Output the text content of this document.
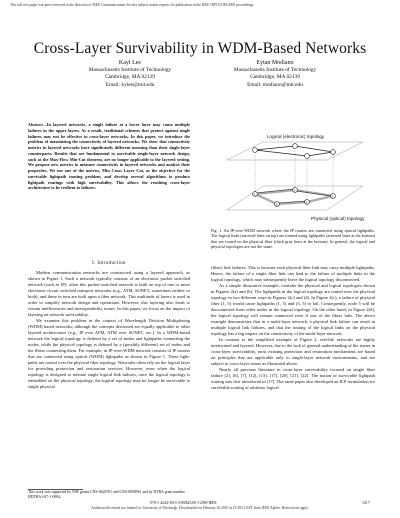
This full text paper was peer reviewed at the direction of IEEE Communications Society subject matter experts for publication in the IEEE INFOCOM 2009 proceedings.
Cross-Layer Survivability in WDM-Based Networks
Kayi Lee
Massachusetts Institute of Technology
Cambridge, MA 02139
Email: kylee@mit.edu
Eytan Modiano
Massachusetts Institute of Technology
Cambridge, MA 02139
Email: modiano@mit.edu
Abstract—In layered networks, a single failure at a lower layer may cause multiple failures in the upper layers. As a result, traditional schemes that protect against single failures may not be effective in cross-layer networks. In this paper, we introduce the problem of maximizing the connectivity of layered networks. We show that connectivity metrics in layered networks have significantly different meaning than their single-layer counterparts. Results that are fundamental to survivable single-layer network design, such as the Max-Flow Min-Cut theorem, are no longer applicable to the layered setting. We propose new metrics to measure connectivity in layered networks and analyze their properties. We use one of the metrics, Min Cross Layer Cut, as the objective for the survivable lightpath routing problem, and develop several algorithms to produce lightpath routings with high survivability. This allows the resulting cross-layer architecture to be resilient to failures.
I. Introduction

Modern communication networks are constructed using a layered approach, as shown in Figure 1. Such a network typically consists of an electronic packet switched network (such as IP); often this packet-switched network is built on top of one or more electronic circuit switched transport networks (e.g., ATM, SONET, sometimes neither or both), and these in turn are built upon a fiber network. This multitude of layers is used in order to simplify network design and operations. However, this layering also leads to certain inefficiencies and interoperability issues. In this paper, we focus on the impact of layering on network survivability.

We examine this problem in the context of Wavelength Division Multiplexing (WDM) based networks; although the concepts discussed are equally applicable to other layered architectures (e.g., IP over ATM, ATM over SONET, etc.). In a WDM-based network the logical topology is defined by a set of nodes and lightpaths connecting the nodes, while the physical topology is defined by a (possibly different) set of nodes and the fibers connecting them. For example, in IP-over-WDM network consists of IP routers that are connected using optical (WDM) lightpaths as shown in Figure 1. These light-paths are routed over the physical fiber topology. Networks often rely on the logical layer for providing protection and restoration services. However, even when the logical topology is designed to tolerate single logical link failures, once the logical topology is embedded on the physical topology, the logical topology may no longer be survivable to single physical

This work was supported by NSF grants CNS-0626781 and CNS-0830961 and by DTRA grant number HDTRA1-07-1-0004.
Logical (electronic) topology
1
2
3
4
5
Physical (optical) topology
Fig. 1. An IP-over-WDM network where the IP routers are connected using optical lightpaths. The logical links (arrowed lines on top) are formed using lightpaths (arrowed lines at the bottom) that are routed on the physical fiber (thick gray lines at the bottom). In general, the logical and physical topologies are not the same.

(fiber) link failures. This is because each physical fiber link may carry multiple lightpaths. Hence, the failure of a single fiber link can lead to the failure of multiple links in the logical topology, which may subsequently leave the logical topology disconnected.

As a simple illustrative example, consider the physical and logical topologies shown in Figures 2(a) and (b). The lightpaths in the logical topology are routed over the physical topology in two different ways in Figures 2(c) and (d). In Figure 2(c), a failure of physical fiber (1, 5) would cause lightpaths (1, 5) and (3, 5) to fail. Consequently, node 5 will be disconnected from other nodes in the logical topology. On the other hand, in Figure 2(d), the logical topology will remain connected even if one of the fibers fails. The above example demonstrates that in a multi-layer network, a physical link failure can result in multiple logical link failures, and that the routing of the logical links on the physical topology has a big impact on the connectivity of the multi-layer network.

In contrast to the simplified example of Figure 2, real-life networks are highly intertwined and layered. However, due to the lack of general understanding of the issues in cross-layer survivability, most existing protection and restoration mechanisms are based on principles that are applicable only to single-layer network environments, and are subject to cross-layer issues as illustrated above.

Nearly all previous literature in cross-layer survivability focused on single fiber failure [2], [6], [7], [12], [13], [17], [20], [21], [22]. The notion of survivable lightpath routing was first introduced in [17]. The same paper also developed an ILP formulation for survivable routing of arbitrary logical

978-1-4244-3513-5/09/$25.00 ©2009 IEEE	1017
Authorized licensed use limited to: University of Pittsburgh. Downloaded on February 16,2010 at 15:58:15 EST from IEEE Xplore. Restrictions apply.
